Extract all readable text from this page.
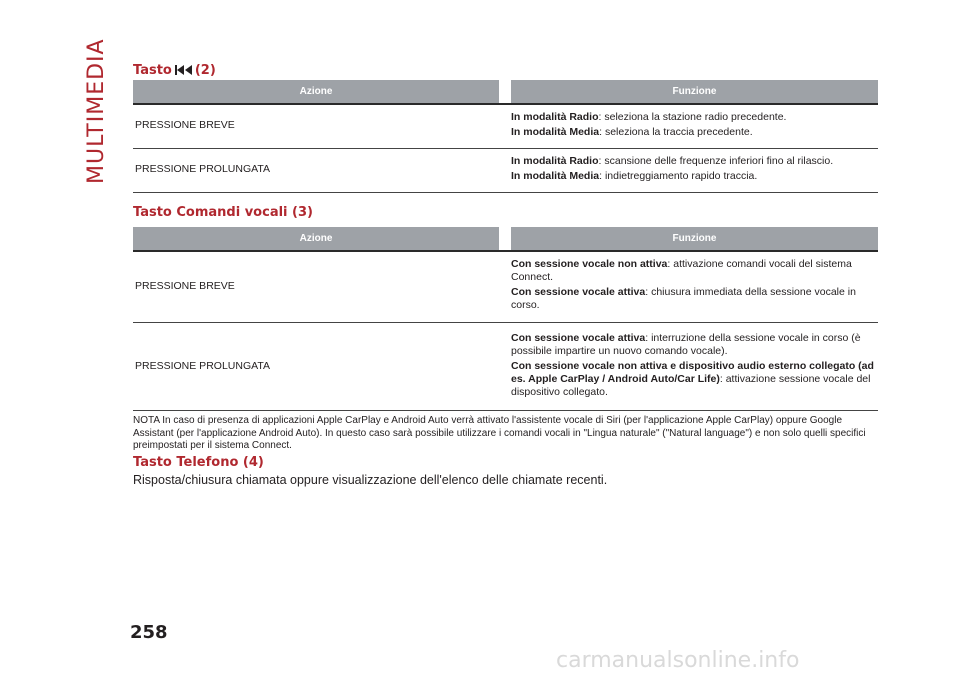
MULTIMEDIA Tasto (2)
Azione		Funzione
PRESSIONE BREVE		In modalità Radio: seleziona la stazione radio precedente.

In modalità Media: seleziona la traccia precedente.

PRESSIONE PROLUNGATA		In modalità Radio: scansione delle frequenze inferiori fino al rilascio.

In modalità Media: indietreggiamento rapido traccia.

Tasto Comandi vocali (3)
Azione		Funzione
PRESSIONE BREVE		Con sessione vocale non attiva: attivazione comandi vocali del sistema Connect.

Con sessione vocale attiva: chiusura immediata della sessione vocale in corso.

PRESSIONE PROLUNGATA		Con sessione vocale attiva: interruzione della sessione vocale in corso (è possibile impartire un nuovo comando vocale).

Con sessione vocale non attiva e dispositivo audio esterno collegato (ad es. Apple CarPlay / Android Auto/Car Life): attivazione sessione vocale del dispositivo collegato.

NOTA In caso di presenza di applicazioni Apple CarPlay e Android Auto verrà attivato l'assistente vocale di Siri (per l'applicazione Apple CarPlay) oppure Google Assistant (per l'applicazione Android Auto). In questo caso sarà possibile utilizzare i comandi vocali in "Lingua naturale" ("Natural language") e non solo quelli specifici preimpostati per il sistema Connect.

Tasto Telefono (4)

Risposta/chiusura chiamata oppure visualizzazione dell'elenco delle chiamate recenti.

258
carmanualsonline.info
